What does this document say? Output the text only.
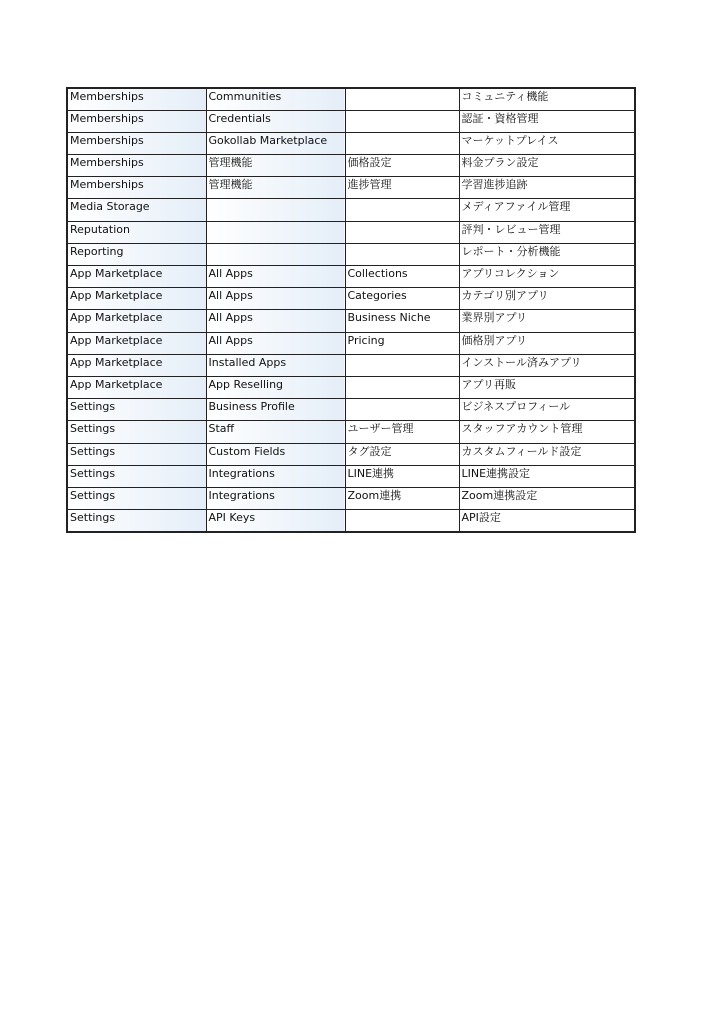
Memberships	Communities		コミュニティ機能
Memberships	Credentials		認証・資格管理
Memberships	Gokollab Marketplace		マーケットプレイス
Memberships	管理機能	価格設定	料金プラン設定
Memberships	管理機能	進捗管理	学習進捗追跡
Media Storage			メディアファイル管理
Reputation			評判・レビュー管理
Reporting			レポート・分析機能
App Marketplace	All Apps	Collections	アプリコレクション
App Marketplace	All Apps	Categories	カテゴリ別アプリ
App Marketplace	All Apps	Business Niche	業界別アプリ
App Marketplace	All Apps	Pricing	価格別アプリ
App Marketplace	Installed Apps		インストール済みアプリ
App Marketplace	App Reselling		アプリ再販
Settings	Business Profile		ビジネスプロフィール
Settings	Staff	ユーザー管理	スタッフアカウント管理
Settings	Custom Fields	タグ設定	カスタムフィールド設定
Settings	Integrations	LINE連携	LINE連携設定
Settings	Integrations	Zoom連携	Zoom連携設定
Settings	API Keys		API設定
